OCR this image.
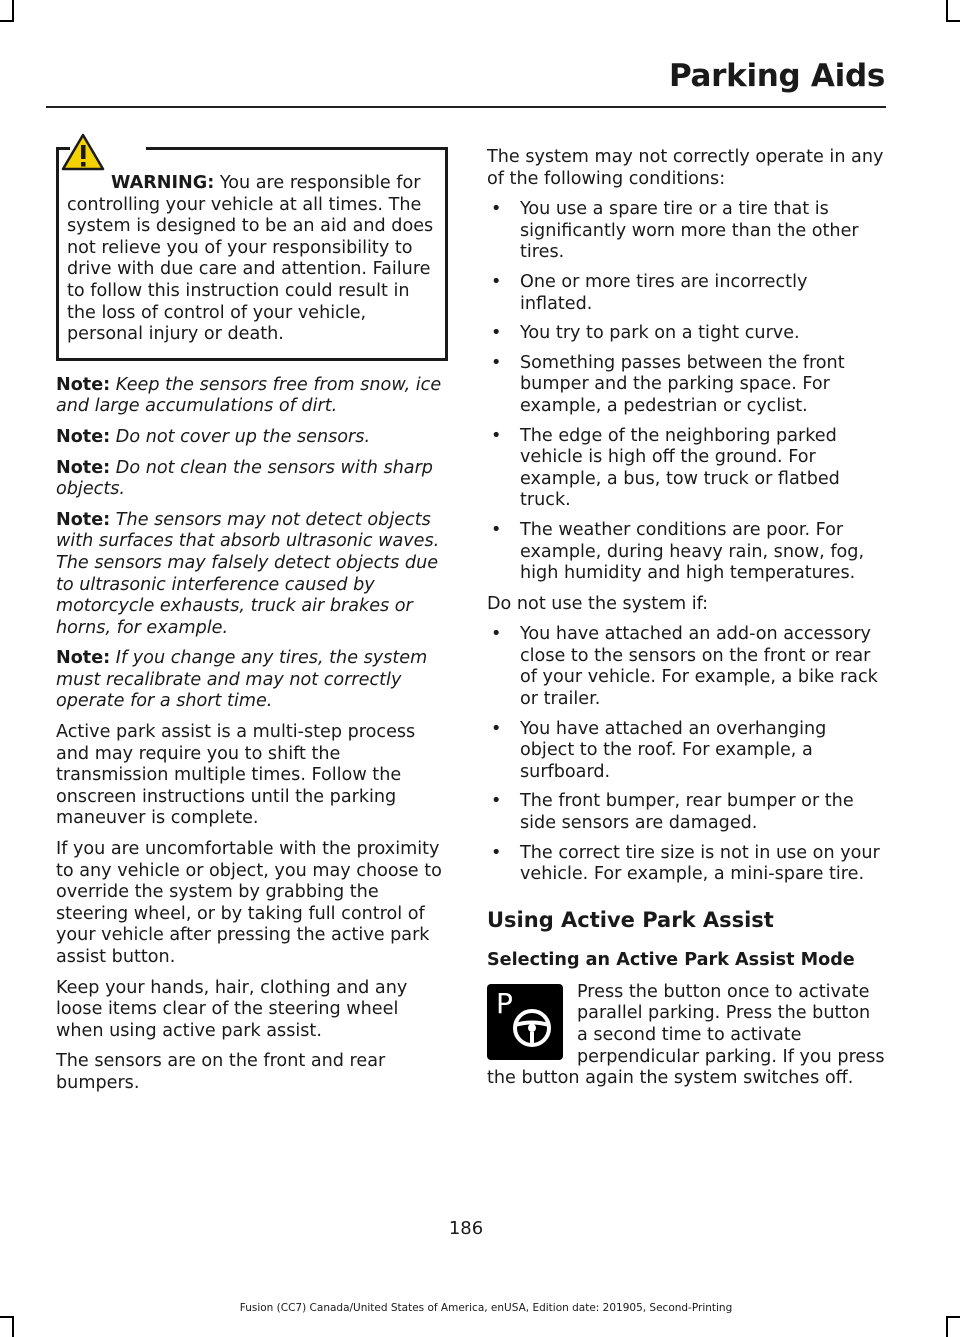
Parking Aids
WARNING: You are responsible for controlling your vehicle at all times. The system is designed to be an aid and does not relieve you of your responsibility to drive with due care and attention. Failure to follow this instruction could result in the loss of control of your vehicle, personal injury or death.

Note: Keep the sensors free from snow, ice and large accumulations of dirt.

Note: Do not cover up the sensors.

Note: Do not clean the sensors with sharp objects.

Note: The sensors may not detect objects with surfaces that absorb ultrasonic waves. The sensors may falsely detect objects due to ultrasonic interference caused by motorcycle exhausts, truck air brakes or horns, for example.

Note: If you change any tires, the system must recalibrate and may not correctly operate for a short time.

Active park assist is a multi-step process and may require you to shift the transmission multiple times. Follow the onscreen instructions until the parking maneuver is complete.

If you are uncomfortable with the proximity to any vehicle or object, you may choose to override the system by grabbing the steering wheel, or by taking full control of your vehicle after pressing the active park assist button.

Keep your hands, hair, clothing and any loose items clear of the steering wheel when using active park assist.

The sensors are on the front and rear bumpers.

The system may not correctly operate in any of the following conditions:

• You use a spare tire or a tire that is significantly worn more than the other tires.
• One or more tires are incorrectly inflated.
• You try to park on a tight curve.
• Something passes between the front bumper and the parking space. For example, a pedestrian or cyclist.
• The edge of the neighboring parked vehicle is high off the ground. For example, a bus, tow truck or flatbed truck.
• The weather conditions are poor. For example, during heavy rain, snow, fog, high humidity and high temperatures.

Do not use the system if:

• You have attached an add-on accessory close to the sensors on the front or rear of your vehicle. For example, a bike rack or trailer.
• You have attached an overhanging object to the roof. For example, a surfboard.
• The front bumper, rear bumper or the side sensors are damaged.
• The correct tire size is not in use on your vehicle. For example, a mini-spare tire.
Using Active Park Assist
Selecting an Active Park Assist Mode
P	Press the button once to activate parallel parking. Press the button a second time to activate perpendicular parking. If you press the button again the system switches off.

186
Fusion (CC7) Canada/United States of America, enUSA, Edition date: 201905, Second-Printing
